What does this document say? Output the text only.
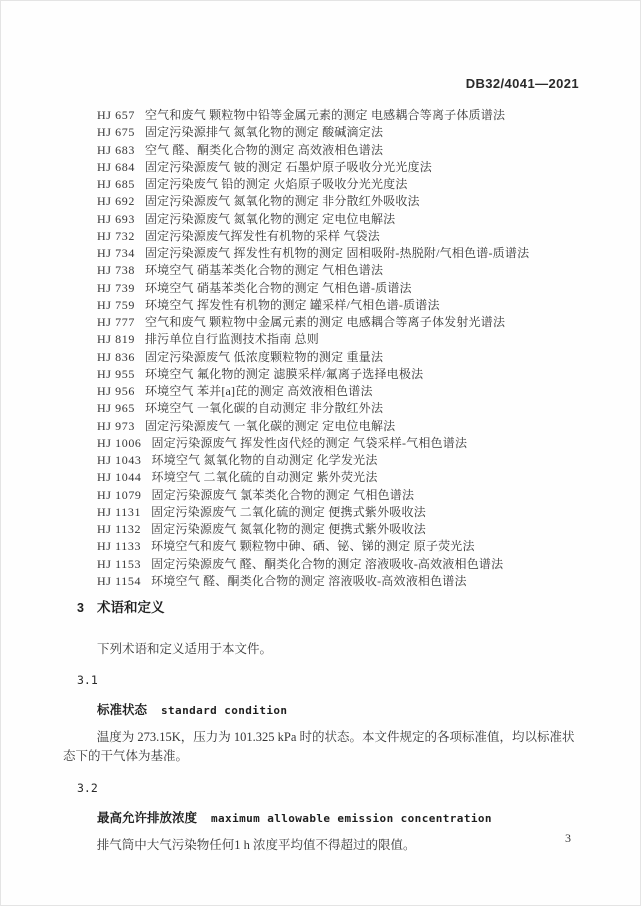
DB32/4041—2021
HJ 657 空气和废气 颗粒物中铅等金属元素的测定 电感耦合等离子体质谱法
HJ 675 固定污染源排气 氮氧化物的测定 酸碱滴定法
HJ 683 空气 醛、酮类化合物的测定 高效液相色谱法
HJ 684 固定污染源废气 铍的测定 石墨炉原子吸收分光光度法
HJ 685 固定污染废气 铅的测定 火焰原子吸收分光光度法
HJ 692 固定污染源废气 氮氧化物的测定 非分散红外吸收法
HJ 693 固定污染源废气 氮氧化物的测定 定电位电解法
HJ 732 固定污染源废气挥发性有机物的采样 气袋法
HJ 734 固定污染源废气 挥发性有机物的测定 固相吸附-热脱附/气相色谱-质谱法
HJ 738 环境空气 硝基苯类化合物的测定 气相色谱法
HJ 739 环境空气 硝基苯类化合物的测定 气相色谱-质谱法
HJ 759 环境空气 挥发性有机物的测定 罐采样/气相色谱-质谱法
HJ 777 空气和废气 颗粒物中金属元素的测定 电感耦合等离子体发射光谱法
HJ 819 排污单位自行监测技术指南 总则
HJ 836 固定污染源废气 低浓度颗粒物的测定 重量法
HJ 955 环境空气 氟化物的测定 滤膜采样/氟离子选择电极法
HJ 956 环境空气 苯并[a]芘的测定 高效液相色谱法
HJ 965 环境空气 一氧化碳的自动测定 非分散红外法
HJ 973 固定污染源废气 一氧化碳的测定 定电位电解法
HJ 1006 固定污染源废气 挥发性卤代烃的测定 气袋采样-气相色谱法
HJ 1043 环境空气 氮氧化物的自动测定 化学发光法
HJ 1044 环境空气 二氧化硫的自动测定 紫外荧光法
HJ 1079 固定污染源废气 氯苯类化合物的测定 气相色谱法
HJ 1131 固定污染源废气 二氧化硫的测定 便携式紫外吸收法
HJ 1132 固定污染源废气 氮氧化物的测定 便携式紫外吸收法
HJ 1133 环境空气和废气 颗粒物中砷、硒、铋、锑的测定 原子荧光法
HJ 1153 固定污染源废气 醛、酮类化合物的测定 溶液吸收-高效液相色谱法
HJ 1154 环境空气 醛、酮类化合物的测定 溶液吸收-高效液相色谱法
3 术语和定义

下列术语和定义适用于本文件。

3.1
标准状态 standard condition

温度为 273.15K，压力为 101.325 kPa 时的状态。本文件规定的各项标准值，均以标准状态下的干气体为基准。

3.2
最高允许排放浓度 maximum allowable emission concentration

排气筒中大气污染物任何1 h 浓度平均值不得超过的限值。	3
